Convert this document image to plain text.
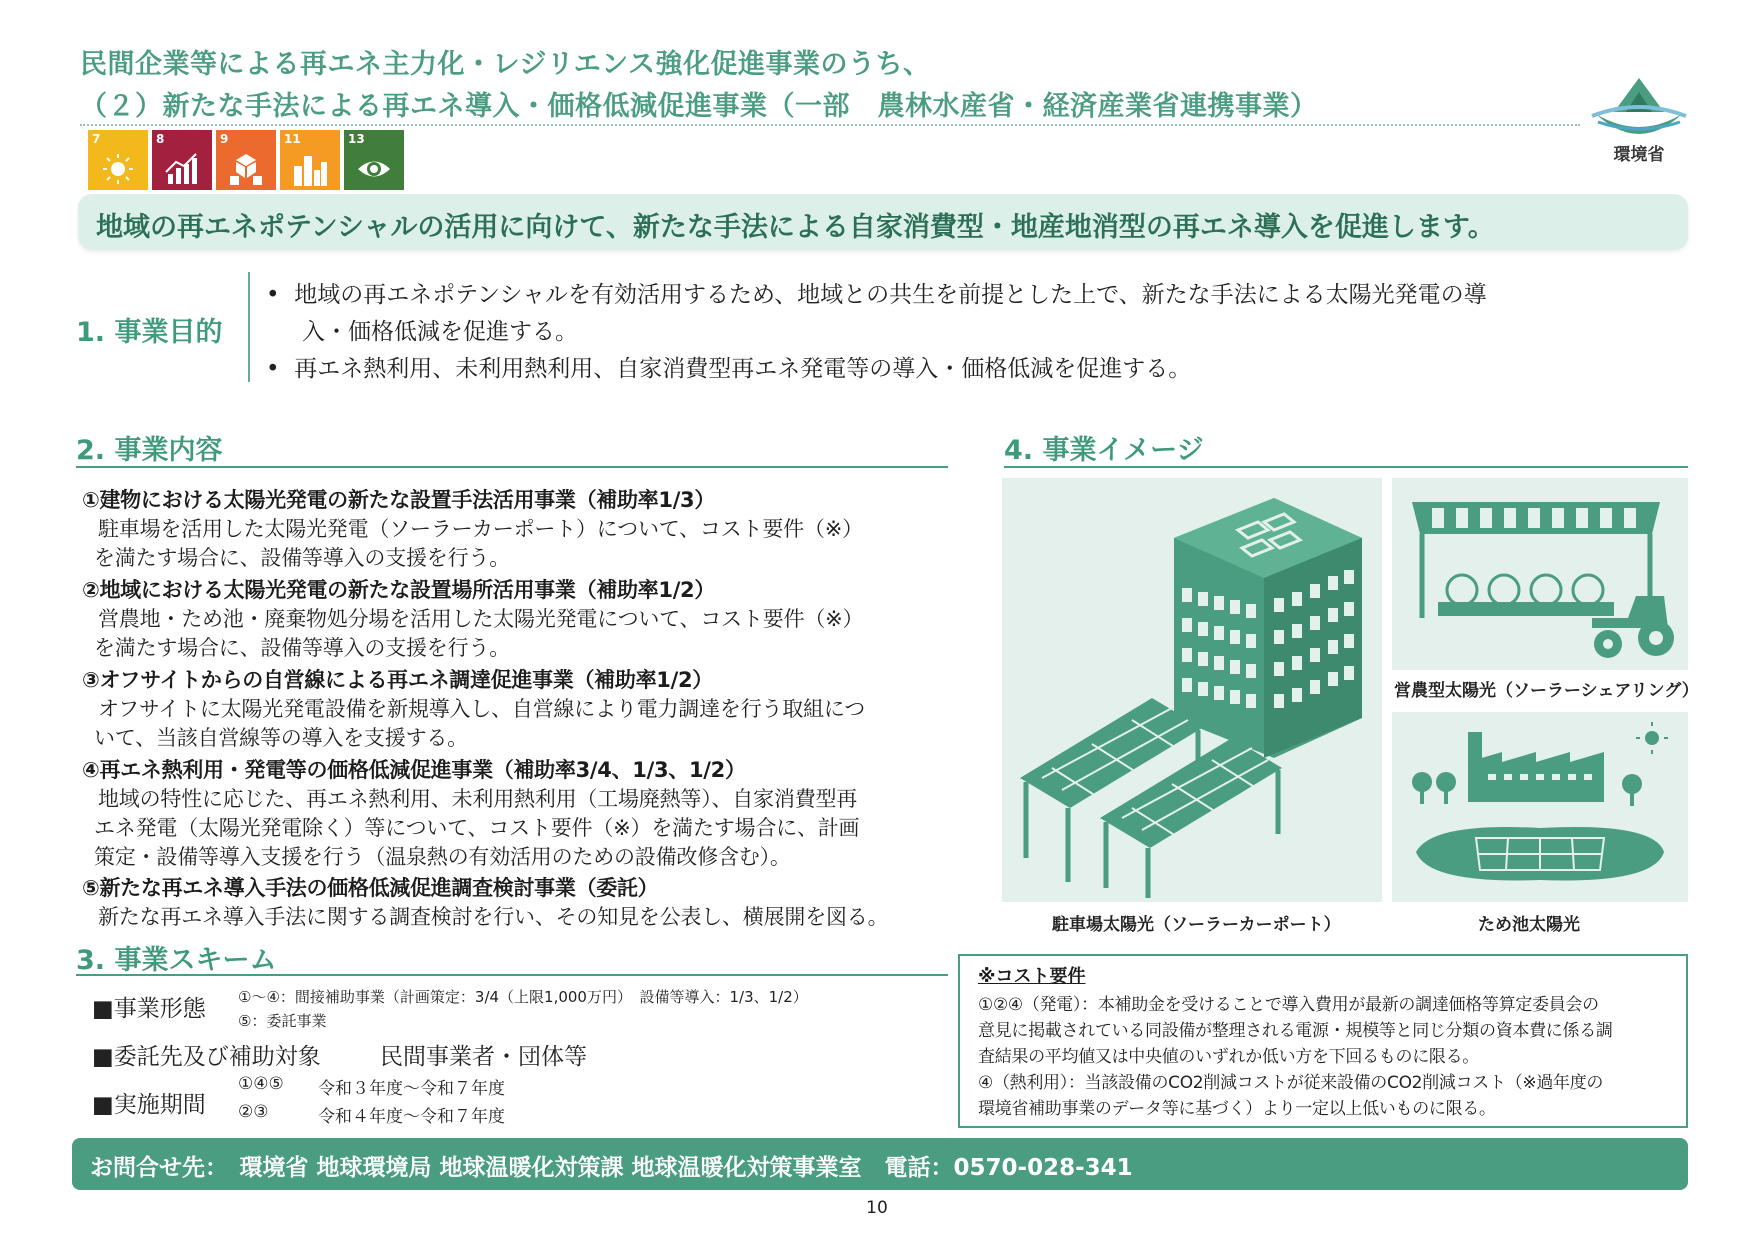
民間企業等による再エネ主力化・レジリエンス強化促進事業のうち、
（２）新たな手法による再エネ導入・価格低減促進事業（一部　農林水産省・経済産業省連携事業）
環境省
7	8	9	11	13
地域の再エネポテンシャルの活用に向けて、新たな手法による自家消費型・地産地消型の再エネ導入を促進します。
1. 事業目的
•  地域の再エネポテンシャルを有効活用するため、地域との共生を前提とした上で、新たな手法による太陽光発電の導
入・価格低減を促進する。
•  再エネ熱利用、未利用熱利用、自家消費型再エネ発電等の導入・価格低減を促進する。
2. 事業内容
①建物における太陽光発電の新たな設置手法活用事業（補助率1/3）
駐車場を活用した太陽光発電（ソーラーカーポート）について、コスト要件（※）
を満たす場合に、設備等導入の支援を行う。
②地域における太陽光発電の新たな設置場所活用事業（補助率1/2）
営農地・ため池・廃棄物処分場を活用した太陽光発電について、コスト要件（※）
を満たす場合に、設備等導入の支援を行う。
③オフサイトからの自営線による再エネ調達促進事業（補助率1/2）
オフサイトに太陽光発電設備を新規導入し、自営線により電力調達を行う取組につ
いて、当該自営線等の導入を支援する。
④再エネ熱利用・発電等の価格低減促進事業（補助率3/4、1/3、1/2）
地域の特性に応じた、再エネ熱利用、未利用熱利用（工場廃熱等）、自家消費型再
エネ発電（太陽光発電除く）等について、コスト要件（※）を満たす場合に、計画
策定・設備等導入支援を行う（温泉熱の有効活用のための設備改修含む）。
⑤新たな再エネ導入手法の価格低減促進調査検討事業（委託）
新たな再エネ導入手法に関する調査検討を行い、その知見を公表し、横展開を図る。
3. 事業スキーム
■事業形態 ①～④：間接補助事業（計画策定：3/4（上限1,000万円）　設備等導入：1/3、1/2）
⑤：委託事業
■委託先及び補助対象	民間事業者・団体等
■実施期間
①④⑤ 令和３年度～令和７年度
②③	令和４年度～令和７年度
4. 事業イメージ
駐車場太陽光（ソーラーカーポート）
営農型太陽光（ソーラーシェアリング）
ため池太陽光
※コスト要件
①②④（発電）：本補助金を受けることで導入費用が最新の調達価格等算定委員会の
意見に掲載されている同設備が整理される電源・規模等と同じ分類の資本費に係る調
査結果の平均値又は中央値のいずれか低い方を下回るものに限る。
④（熱利用）：当該設備のCO2削減コストが従来設備のCO2削減コスト（※過年度の
環境省補助事業のデータ等に基づく）より一定以上低いものに限る。
お問合せ先：　環境省 地球環境局 地球温暖化対策課 地球温暖化対策事業室　電話：0570-028-341
10
